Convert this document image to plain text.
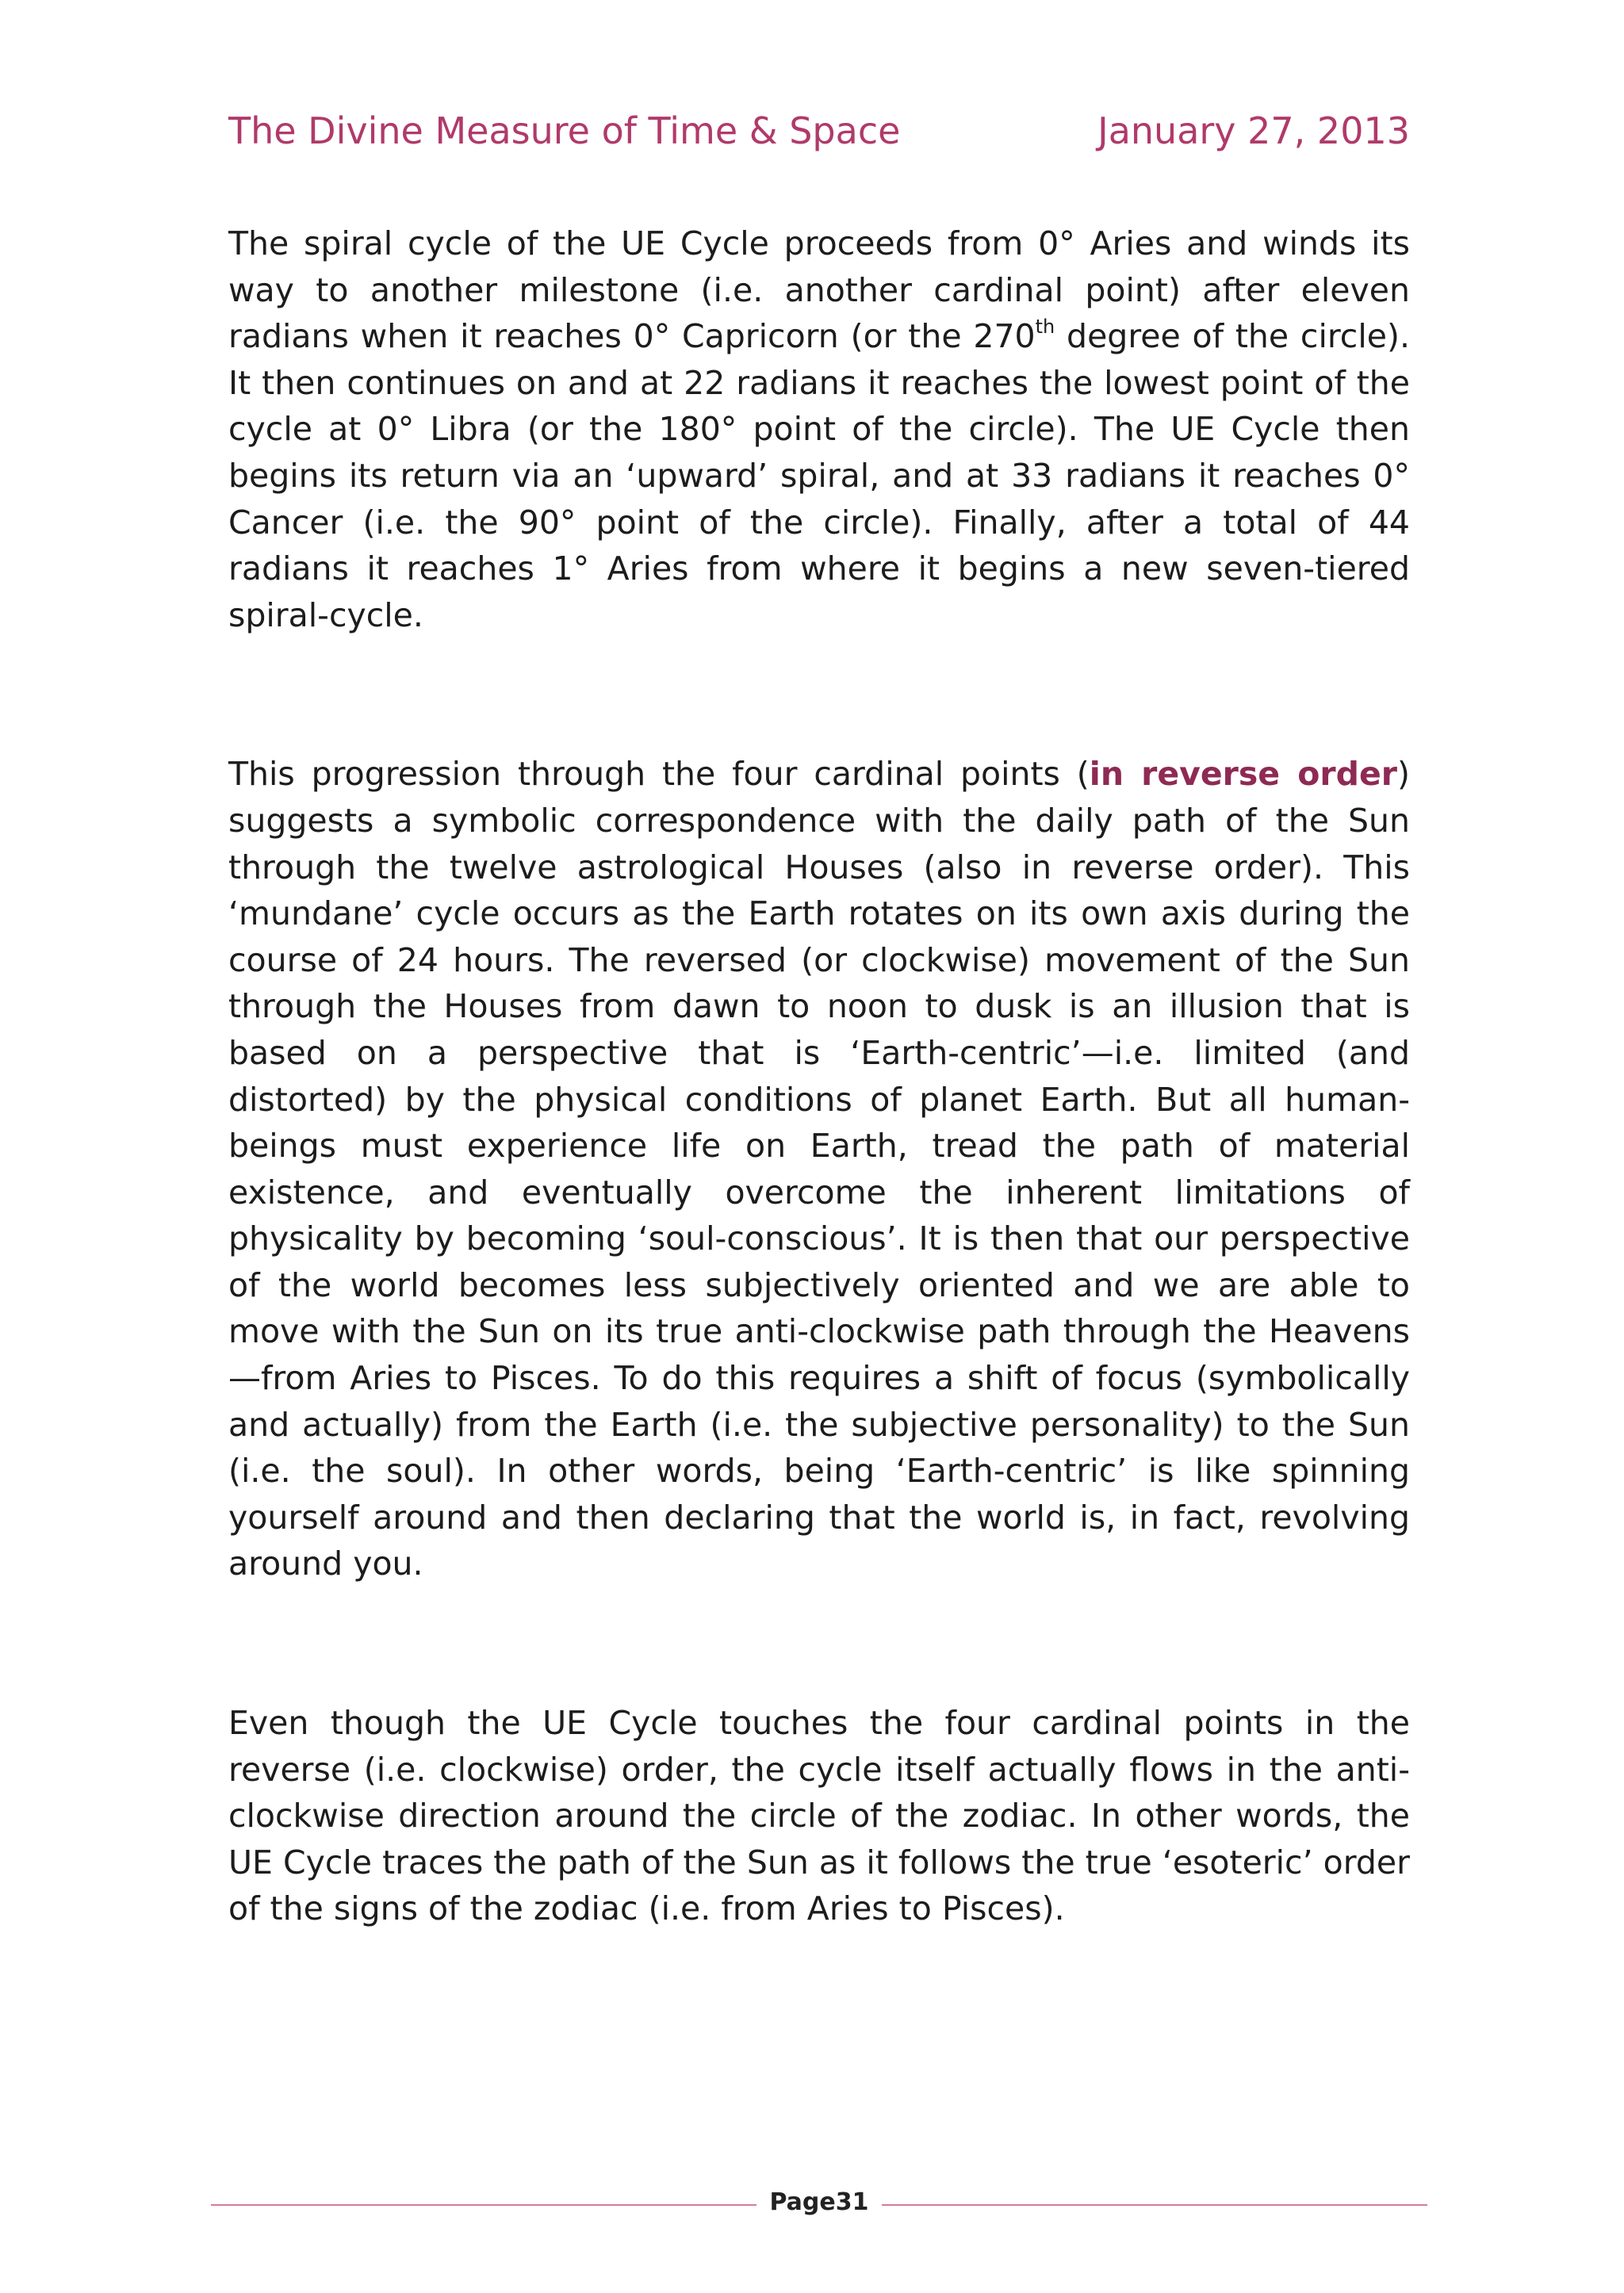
The Divine Measure of Time & Space	January 27, 2013

The spiral cycle of the UE Cycle proceeds from 0° Aries and winds its way to another milestone (i.e. another cardinal point) after eleven radians when it reaches 0° Capricorn (or the 270th degree of the circle). It then continues on and at 22 radians it reaches the lowest point of the cycle at 0° Libra (or the 180° point of the circle). The UE Cycle then begins its return via an ‘upward’ spiral, and at 33 radians it reaches 0° Cancer (i.e. the 90° point of the circle). Finally, after a total of 44 radians it reaches 1° Aries from where it begins a new seven-tiered spiral-cycle.

This progression through the four cardinal points (in reverse order) suggests a symbolic correspondence with the daily path of the Sun through the twelve astrological Houses (also in reverse order). This ‘mundane’ cycle occurs as the Earth rotates on its own axis during the course of 24 hours. The reversed (or clockwise) movement of the Sun through the Houses from dawn to noon to dusk is an illusion that is based on a perspective that is ‘Earth-centric’—i.e. limited (and distorted) by the physical conditions of planet Earth. But all human-beings must experience life on Earth, tread the path of material existence, and eventually overcome the inherent limitations of physicality by becoming ‘soul-conscious’. It is then that our perspective of the world becomes less subjectively oriented and we are able to move with the Sun on its true anti-clockwise path through the Heavens—from Aries to Pisces. To do this requires a shift of focus (symbolically and actually) from the Earth (i.e. the subjective personality) to the Sun (i.e. the soul). In other words, being ‘Earth-centric’ is like spinning yourself around and then declaring that the world is, in fact, revolving around you.

Even though the UE Cycle touches the four cardinal points in the reverse (i.e. clockwise) order, the cycle itself actually flows in the anti-clockwise direction around the circle of the zodiac. In other words, the UE Cycle traces the path of the Sun as it follows the true ‘esoteric’ order of the signs of the zodiac (i.e. from Aries to Pisces).

Page31
